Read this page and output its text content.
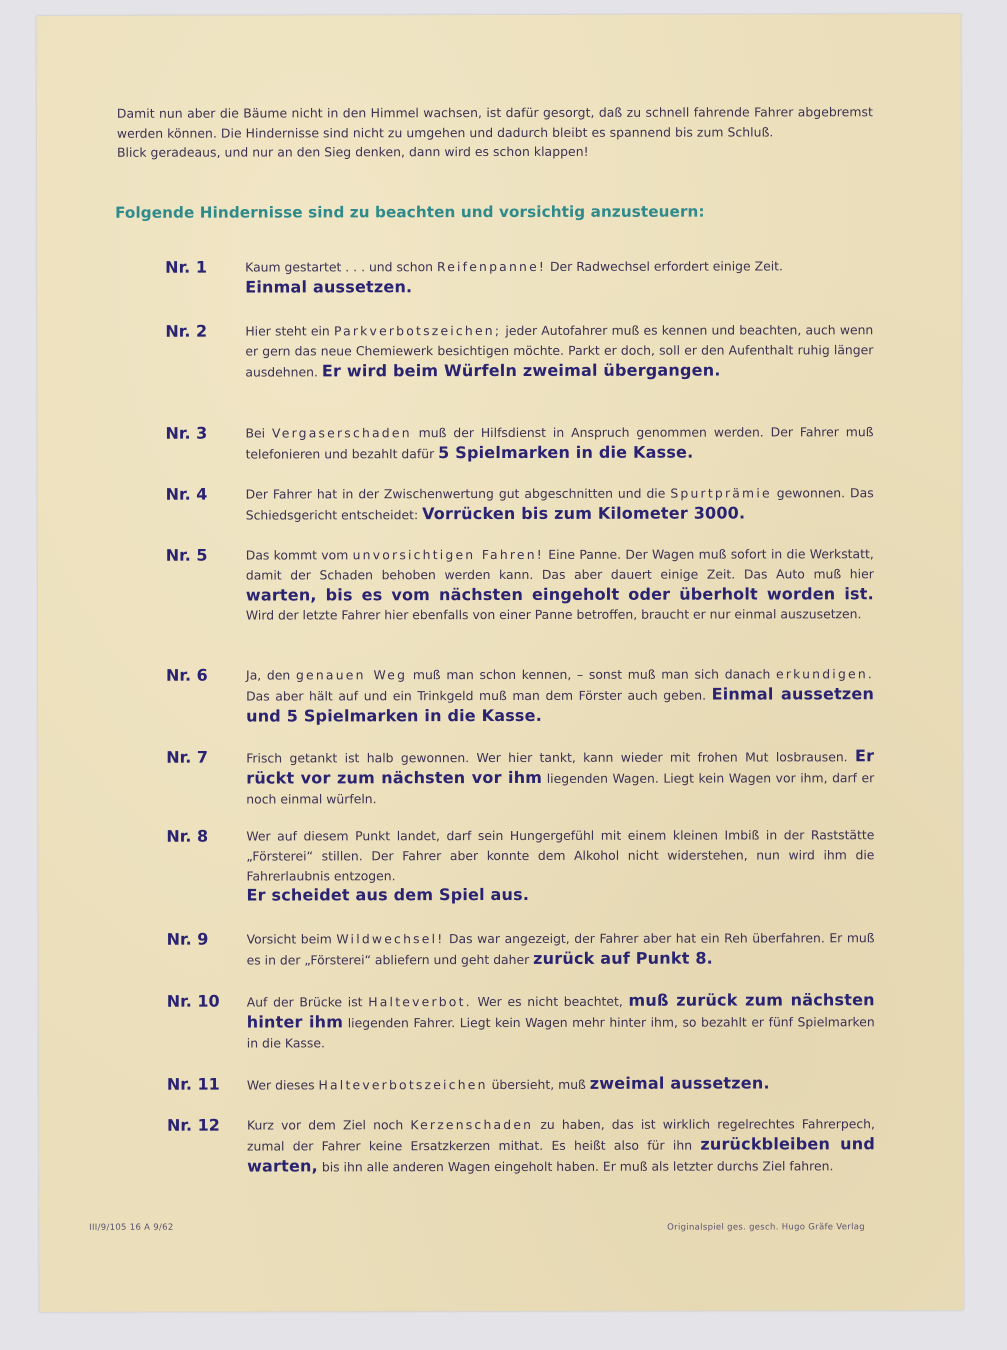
Damit nun aber die Bäume nicht in den Himmel wachsen, ist dafür gesorgt, daß zu schnell fahrende Fahrer abgebremst werden können. Die Hindernisse sind nicht zu umgehen und dadurch bleibt es spannend bis zum Schluß.

Blick geradeaus, und nur an den Sieg denken, dann wird es schon klappen!

Folgende Hindernisse sind zu beachten und vorsichtig anzusteuern:
Nr. 1	Kaum gestartet . . . und schon Reifenpanne! Der Radwechsel erfordert einige Zeit.
Einmal aussetzen.
Nr. 2	Hier steht ein Parkverbotszeichen; jeder Autofahrer muß es kennen und beachten, auch wenn er gern das neue Chemiewerk besichtigen möchte. Parkt er doch, soll er den Aufenthalt ruhig länger ausdehnen. Er wird beim Würfeln zweimal übergangen.
Nr. 3	Bei Vergaserschaden muß der Hilfsdienst in Anspruch genommen werden. Der Fahrer muß telefonieren und bezahlt dafür 5 Spielmarken in die Kasse.
Nr. 4	Der Fahrer hat in der Zwischenwertung gut abgeschnitten und die Spurtprämie gewonnen. Das Schiedsgericht entscheidet: Vorrücken bis zum Kilometer 3000.
Nr. 5	Das kommt vom unvorsichtigen Fahren! Eine Panne. Der Wagen muß sofort in die Werkstatt, damit der Schaden behoben werden kann. Das aber dauert einige Zeit. Das Auto muß hier warten, bis es vom nächsten eingeholt oder überholt worden ist. Wird der letzte Fahrer hier ebenfalls von einer Panne betroffen, braucht er nur einmal auszusetzen.
Nr. 6	Ja, den genauen Weg muß man schon kennen, – sonst muß man sich danach erkundigen. Das aber hält auf und ein Trinkgeld muß man dem Förster auch geben. Einmal aussetzen und 5 Spielmarken in die Kasse.
Nr. 7	Frisch getankt ist halb gewonnen. Wer hier tankt, kann wieder mit frohen Mut losbrausen. Er rückt vor zum nächsten vor ihm liegenden Wagen. Liegt kein Wagen vor ihm, darf er noch einmal würfeln.
Nr. 8	Wer auf diesem Punkt landet, darf sein Hungergefühl mit einem kleinen Imbiß in der Raststätte „Försterei“ stillen. Der Fahrer aber konnte dem Alkohol nicht widerstehen, nun wird ihm die Fahrerlaubnis entzogen.
Er scheidet aus dem Spiel aus.
Nr. 9	Vorsicht beim Wildwechsel! Das war angezeigt, der Fahrer aber hat ein Reh überfahren. Er muß es in der „Försterei“ abliefern und geht daher zurück auf Punkt 8.
Nr. 10	Auf der Brücke ist Halteverbot. Wer es nicht beachtet, muß zurück zum nächsten hinter ihm liegenden Fahrer. Liegt kein Wagen mehr hinter ihm, so bezahlt er fünf Spielmarken in die Kasse.
Nr. 11	Wer dieses Halteverbotszeichen übersieht, muß zweimal aussetzen.
Nr. 12	Kurz vor dem Ziel noch Kerzenschaden zu haben, das ist wirklich regelrechtes Fahrerpech, zumal der Fahrer keine Ersatzkerzen mithat. Es heißt also für ihn zurückbleiben und warten, bis ihn alle anderen Wagen eingeholt haben. Er muß als letzter durchs Ziel fahren.
III/9/105 16 A 9/62	Originalspiel ges. gesch. Hugo Gräfe Verlag
